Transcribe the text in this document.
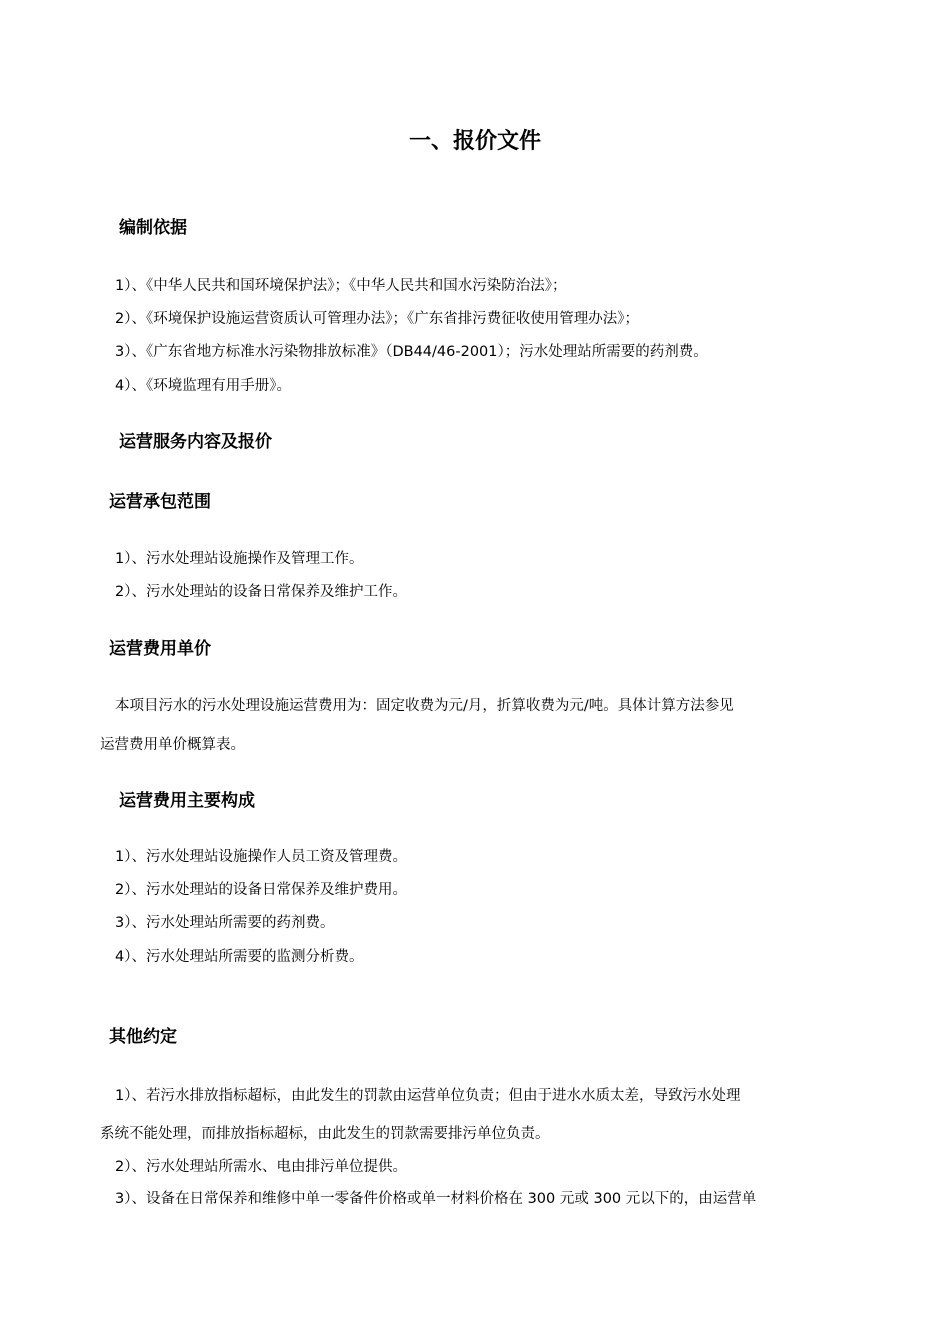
一、报价文件
编制依据
1）、《中华人民共和国环境保护法》；《中华人民共和国水污染防治法》；
2）、《环境保护设施运营资质认可管理办法》；《广东省排污费征收使用管理办法》；
3）、《广东省地方标准水污染物排放标准》（DB44/46-2001）；污水处理站所需要的药剂费。
4）、《环境监理有用手册》。
运营服务内容及报价
运营承包范围
1）、污水处理站设施操作及管理工作。
2）、污水处理站的设备日常保养及维护工作。
运营费用单价
本项目污水的污水处理设施运营费用为：固定收费为元/月，折算收费为元/吨。具体计算方法参见
运营费用单价概算表。
运营费用主要构成
1）、污水处理站设施操作人员工资及管理费。
2）、污水处理站的设备日常保养及维护费用。
3）、污水处理站所需要的药剂费。
4）、污水处理站所需要的监测分析费。
其他约定
1）、若污水排放指标超标，由此发生的罚款由运营单位负责；但由于进水水质太差，导致污水处理
系统不能处理，而排放指标超标，由此发生的罚款需要排污单位负责。
2）、污水处理站所需水、电由排污单位提供。
3）、设备在日常保养和维修中单一零备件价格或单一材料价格在 300 元或 300 元以下的，由运营单
